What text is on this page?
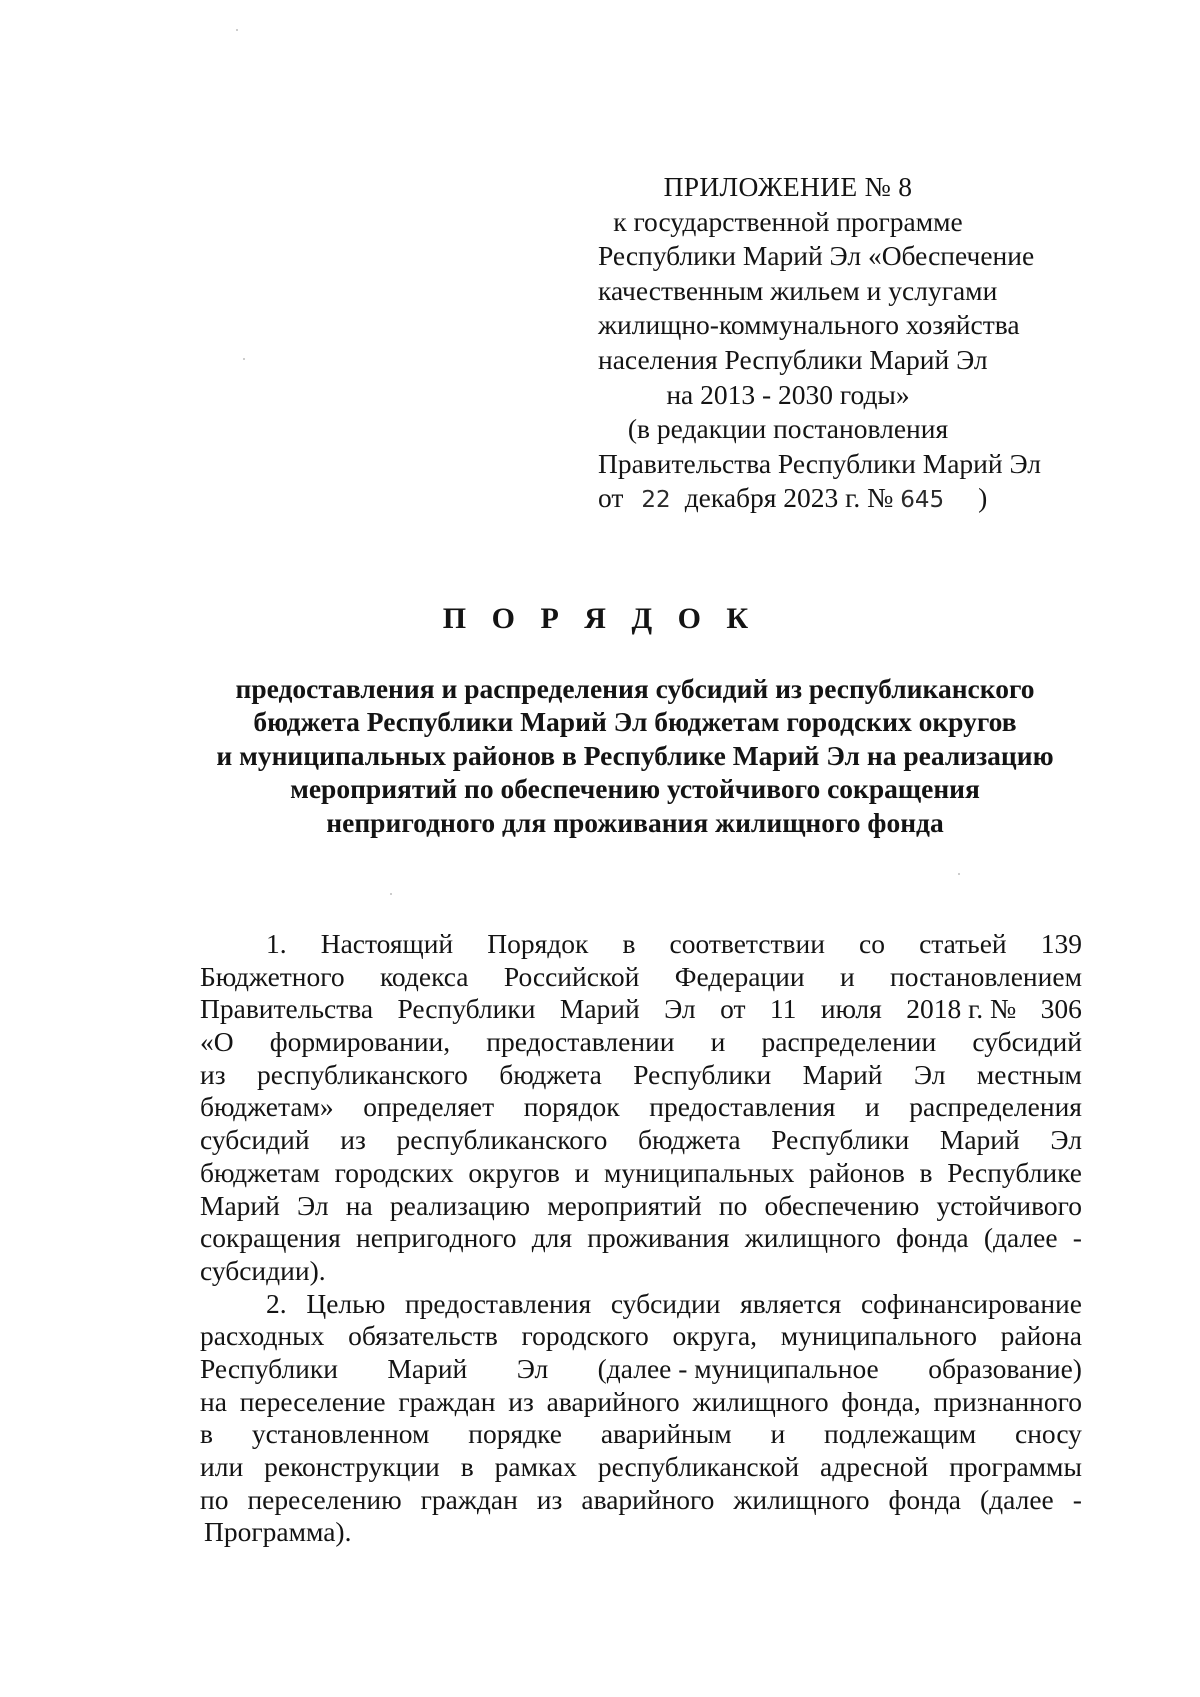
ПРИЛОЖЕНИЕ № 8
к государственной программе
Республики Марий Эл «Обеспечение
качественным жильем и услугами
жилищно-коммунального хозяйства
населения Республики Марий Эл
на 2013 - 2030 годы»
(в редакции постановления
Правительства Республики Марий Эл
от 22 декабря 2023 г. № 645 )
П О Р Я Д О К
предоставления и распределения субсидий из республиканского
бюджета Республики Марий Эл бюджетам городских округов
и муниципальных районов в Республике Марий Эл на реализацию
мероприятий по обеспечению устойчивого сокращения
непригодного для проживания жилищного фонда
1. Настоящий Порядок в соответствии со статьей 139
Бюджетного кодекса Российской Федерации и постановлением
Правительства Республики Марий Эл от 11 июля 2018 г. № 306
«О формировании, предоставлении и распределении субсидий
из республиканского бюджета Республики Марий Эл местным
бюджетам» определяет порядок предоставления и распределения
субсидий из республиканского бюджета Республики Марий Эл
бюджетам городских округов и муниципальных районов в Республике
Марий Эл на реализацию мероприятий по обеспечению устойчивого
сокращения непригодного для проживания жилищного фонда (далее -
субсидии).
2. Целью предоставления субсидии является софинансирование
расходных обязательств городского округа, муниципального района
Республики Марий Эл (далее - муниципальное образование)
на переселение граждан из аварийного жилищного фонда, признанного
в установленном порядке аварийным и подлежащим сносу
или реконструкции в рамках республиканской адресной программы
по переселению граждан из аварийного жилищного фонда (далее -
Программа).
